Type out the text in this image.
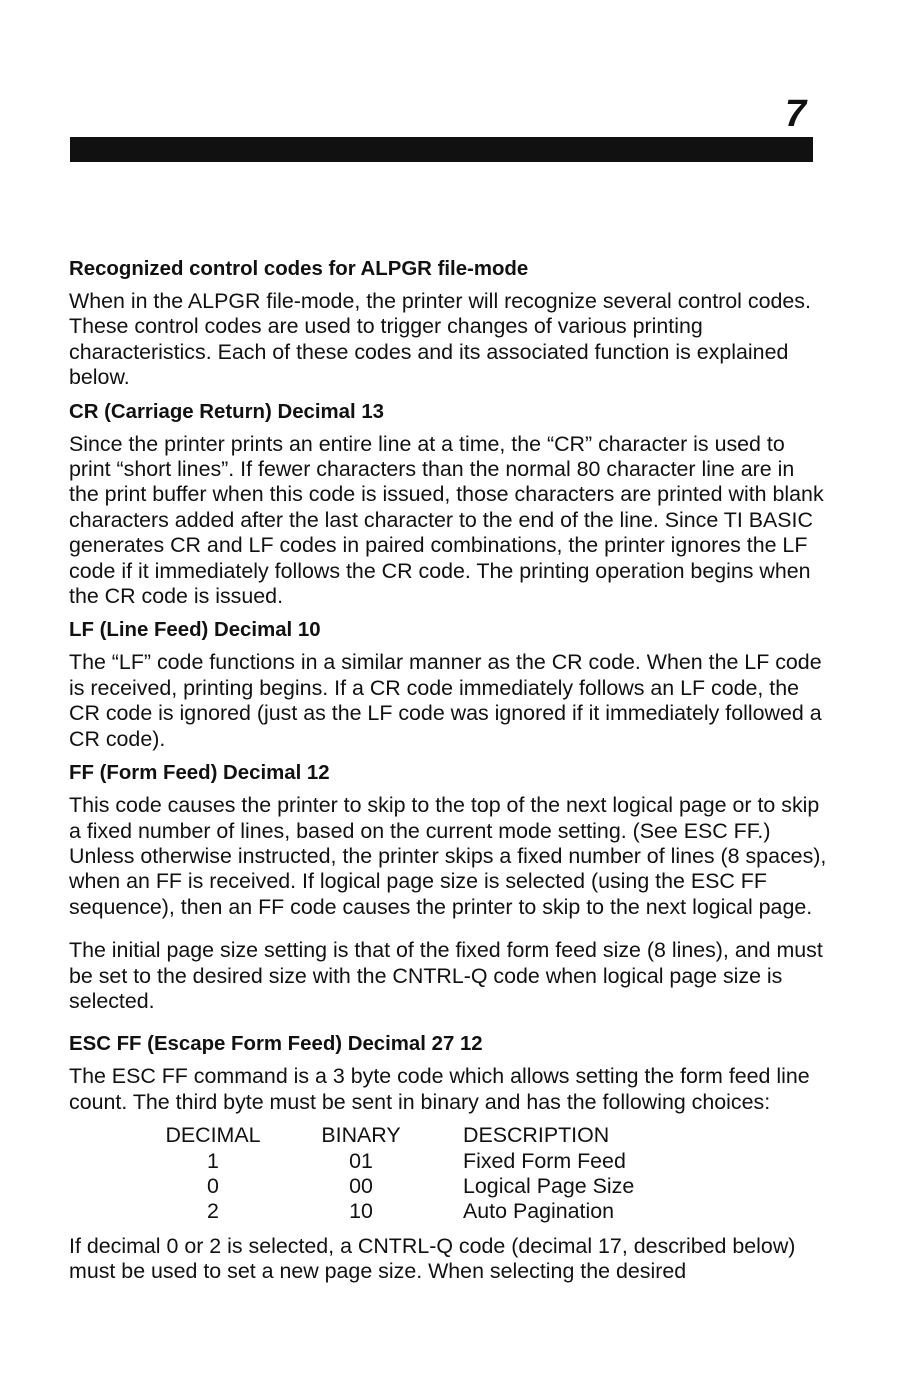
7
Recognized control codes for ALPGR file-mode

When in the ALPGR file-mode, the printer will recognize several control codes. These control codes are used to trigger changes of various printing characteristics. Each of these codes and its associated function is explained below.

CR (Carriage Return) Decimal 13

Since the printer prints an entire line at a time, the “CR” character is used to print “short lines”. If fewer characters than the normal 80 character line are in the print buffer when this code is issued, those characters are printed with blank characters added after the last character to the end of the line. Since TI BASIC generates CR and LF codes in paired combinations, the printer ignores the LF code if it immediately follows the CR code. The printing operation begins when the CR code is issued.

LF (Line Feed) Decimal 10

The “LF” code functions in a similar manner as the CR code. When the LF code is received, printing begins. If a CR code immediately follows an LF code, the CR code is ignored (just as the LF code was ignored if it immediately followed a CR code).

FF (Form Feed) Decimal 12

This code causes the printer to skip to the top of the next logical page or to skip a fixed number of lines, based on the current mode setting. (See ESC FF.) Unless otherwise instructed, the printer skips a fixed number of lines (8 spaces), when an FF is received. If logical page size is selected (using the ESC FF sequence), then an FF code causes the printer to skip to the next logical page.

The initial page size setting is that of the fixed form feed size (8 lines), and must be set to the desired size with the CNTRL-Q code when logical page size is selected.

ESC FF (Escape Form Feed) Decimal 27 12

The ESC FF command is a 3 byte code which allows setting the form feed line count. The third byte must be sent in binary and has the following choices:

DECIMAL	BINARY	DESCRIPTION
1	01	Fixed Form Feed
0	00	Logical Page Size
2	10	Auto Pagination

If decimal 0 or 2 is selected, a CNTRL-Q code (decimal 17, described below) must be used to set a new page size. When selecting the desired
